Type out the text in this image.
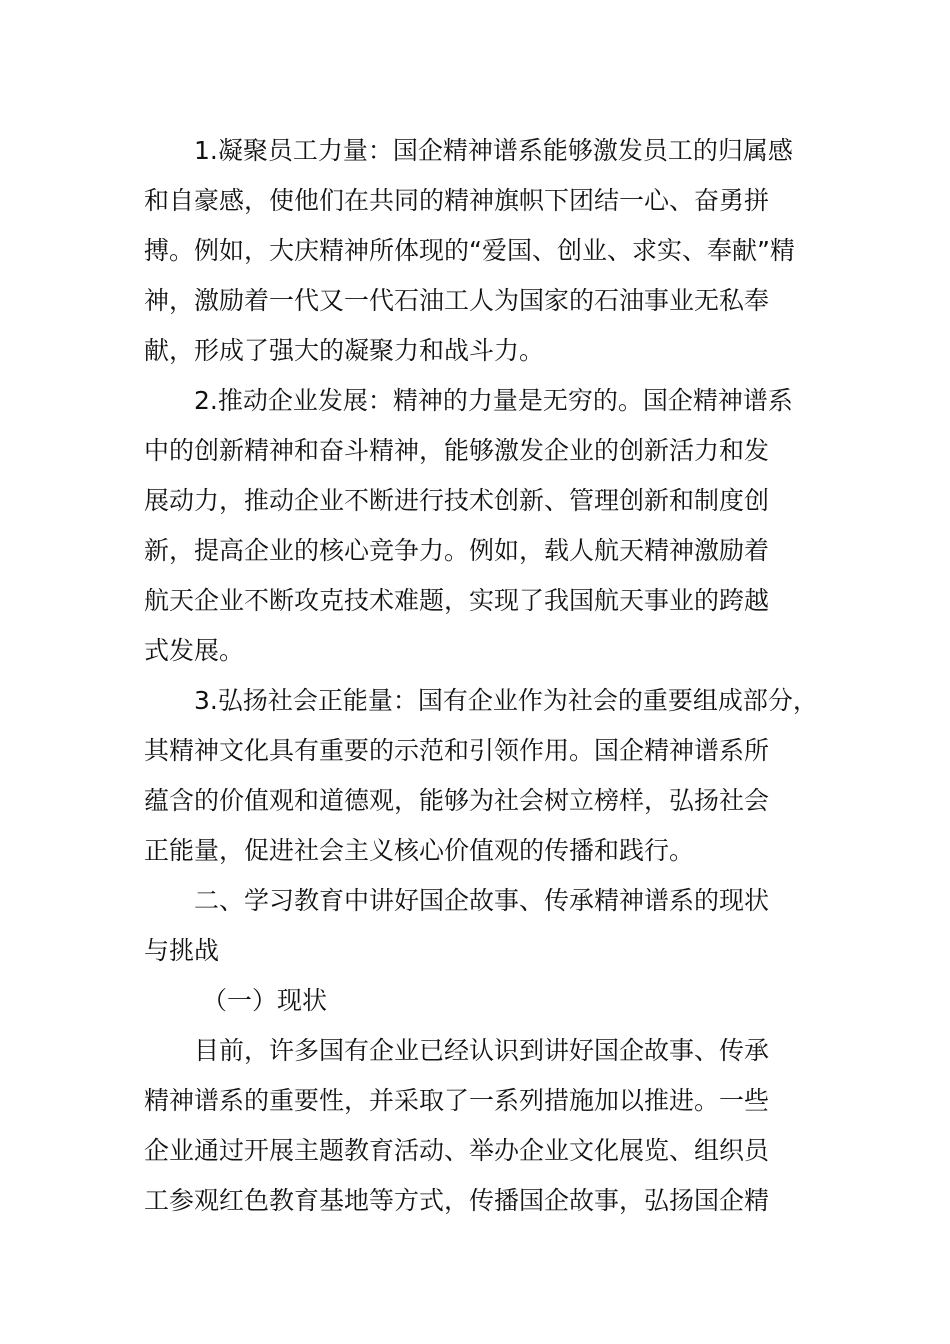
1.凝聚员工力量：国企精神谱系能够激发员工的归属感
和自豪感，使他们在共同的精神旗帜下团结一心、奋勇拼
搏。例如，大庆精神所体现的“爱国、创业、求实、奉献”精
神，激励着一代又一代石油工人为国家的石油事业无私奉
献，形成了强大的凝聚力和战斗力。
2.推动企业发展：精神的力量是无穷的。国企精神谱系
中的创新精神和奋斗精神，能够激发企业的创新活力和发
展动力，推动企业不断进行技术创新、管理创新和制度创
新，提高企业的核心竞争力。例如，载人航天精神激励着
航天企业不断攻克技术难题，实现了我国航天事业的跨越
式发展。
3.弘扬社会正能量：国有企业作为社会的重要组成部分，
其精神文化具有重要的示范和引领作用。国企精神谱系所
蕴含的价值观和道德观，能够为社会树立榜样，弘扬社会
正能量，促进社会主义核心价值观的传播和践行。
二、学习教育中讲好国企故事、传承精神谱系的现状
与挑战
（一）现状
目前，许多国有企业已经认识到讲好国企故事、传承
精神谱系的重要性，并采取了一系列措施加以推进。一些
企业通过开展主题教育活动、举办企业文化展览、组织员
工参观红色教育基地等方式，传播国企故事，弘扬国企精
